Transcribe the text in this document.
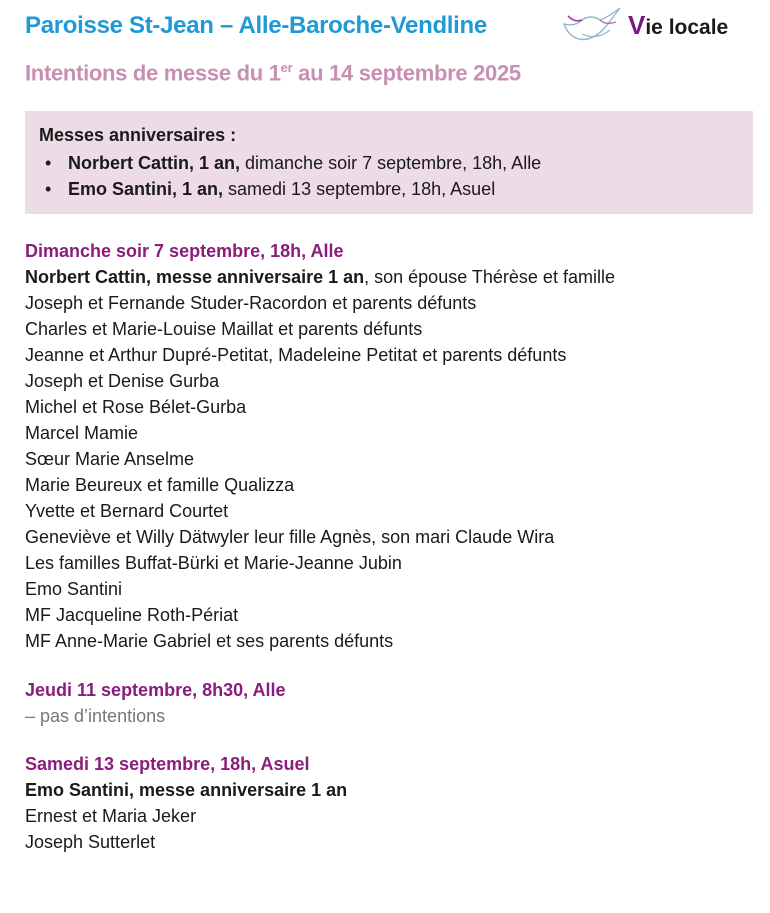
Paroisse St-Jean – Alle-Baroche-Vendline	Vie locale
Intentions de messe du 1er au 14 septembre 2025
Messes anniversaires :
• Norbert Cattin, 1 an, dimanche soir 7 septembre, 18h, Alle
• Emo Santini, 1 an, samedi 13 septembre, 18h, Asuel
Dimanche soir 7 septembre, 18h, Alle
Norbert Cattin, messe anniversaire 1 an, son épouse Thérèse et famille
Joseph et Fernande Studer-Racordon et parents défunts
Charles et Marie-Louise Maillat et parents défunts
Jeanne et Arthur Dupré-Petitat, Madeleine Petitat et parents défunts
Joseph et Denise Gurba
Michel et Rose Bélet-Gurba
Marcel Mamie
Sœur Marie Anselme
Marie Beureux et famille Qualizza
Yvette et Bernard Courtet
Geneviève et Willy Dätwyler leur fille Agnès, son mari Claude Wira
Les familles Buffat-Bürki et Marie-Jeanne Jubin
Emo Santini
MF Jacqueline Roth-Périat
MF Anne-Marie Gabriel et ses parents défunts
Jeudi 11 septembre, 8h30, Alle
– pas d’intentions
Samedi 13 septembre, 18h, Asuel
Emo Santini, messe anniversaire 1 an
Ernest et Maria Jeker
Joseph Sutterlet
